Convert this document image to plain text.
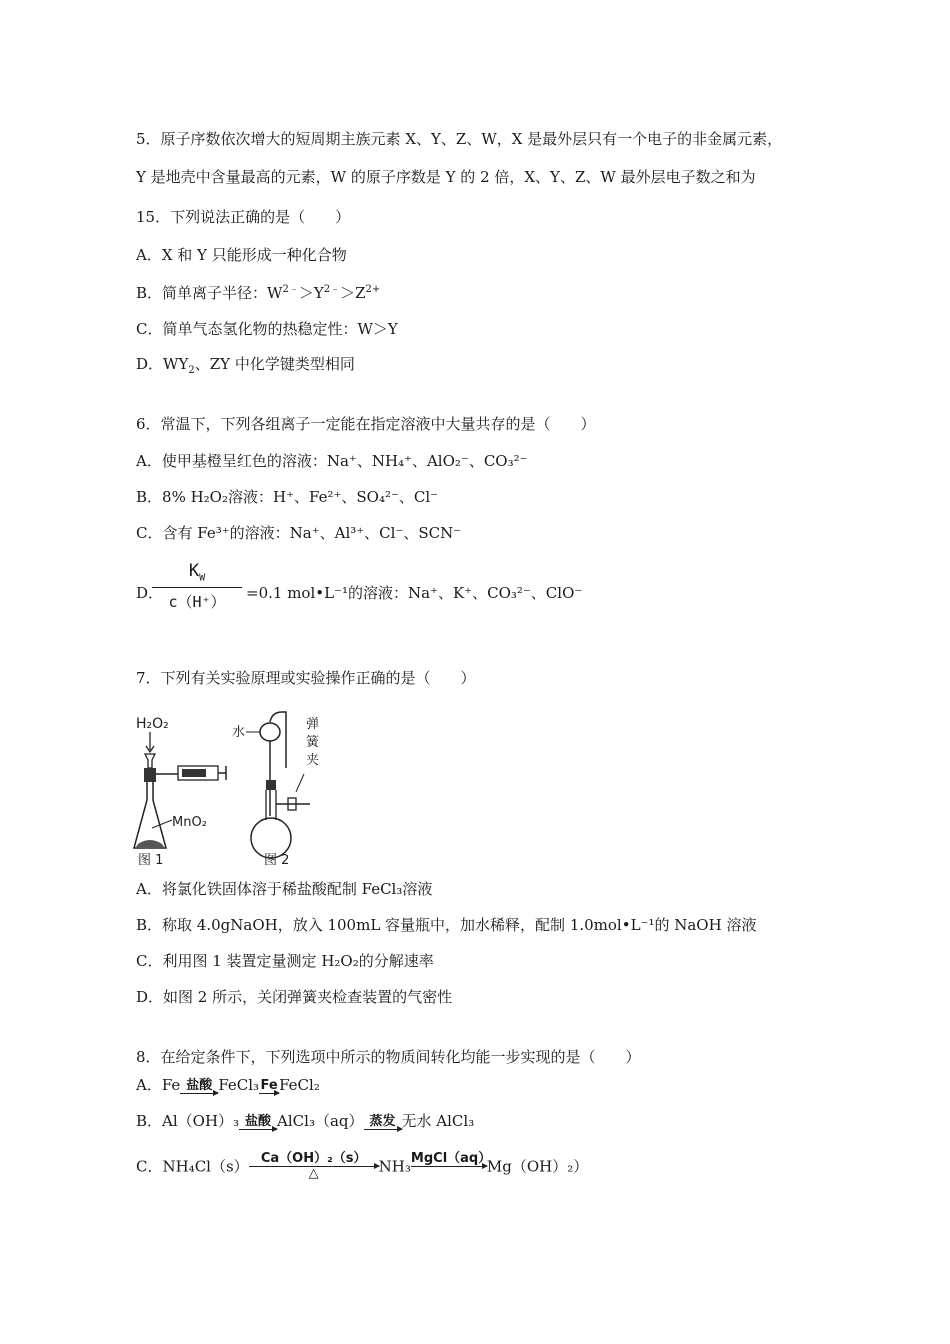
5．原子序数依次增大的短周期主族元素 X、Y、Z、W，X 是最外层只有一个电子的非金属元素，
Y 是地壳中含量最高的元素，W 的原子序数是 Y 的 2 倍，X、Y、Z、W 最外层电子数之和为
15．下列说法正确的是（　　）
A．X 和 Y 只能形成一种化合物
B．简单离子半径：$W^{2﹣}>Y^{2﹣}>Z^{2+}$
C．简单气态氢化物的热稳定性：W＞Y
D．$WY_2$、ZY 中化学键类型相同
6．常温下，下列各组离子一定能在指定溶液中大量共存的是（　　）
A．使甲基橙呈红色的溶液：Na⁺、NH₄⁺、AlO₂⁻、CO₃²⁻
B．8% H₂O₂溶液：H⁺、Fe²⁺、SO₄²⁻、Cl⁻
C．含有 Fe³⁺的溶液：Na⁺、Al³⁺、Cl⁻、SCN⁻
D．
$K_W$
c（H⁺）	=0.1 mol•L⁻¹的溶液：Na⁺、K⁺、CO₃²⁻、ClO⁻
7．下列有关实验原理或实验操作正确的是（　　）
H₂O₂
MnO₂
图 1
水
弹
簧
夹
图 2
A．将氯化铁固体溶于稀盐酸配制 FeCl₃溶液
B．称取 4.0gNaOH，放入 100mL 容量瓶中，加水稀释，配制 1.0mol•L⁻¹的 NaOH 溶液
C．利用图 1 装置定量测定 H₂O₂的分解速率
D．如图 2 所示，关闭弹簧夹检查装置的气密性
8．在给定条件下，下列选项中所示的物质间转化均能一步实现的是（　　）
A．Fe 盐酸 FeCl₃ Fe FeCl₂
B．Al（OH）₃ 盐酸 AlCl₃（aq） 蒸发 无水 AlCl₃
C．NH₄Cl（s） Ca（OH）₂（s）
△	NH₃ MgCl（aq）

Mg（OH）₂）
